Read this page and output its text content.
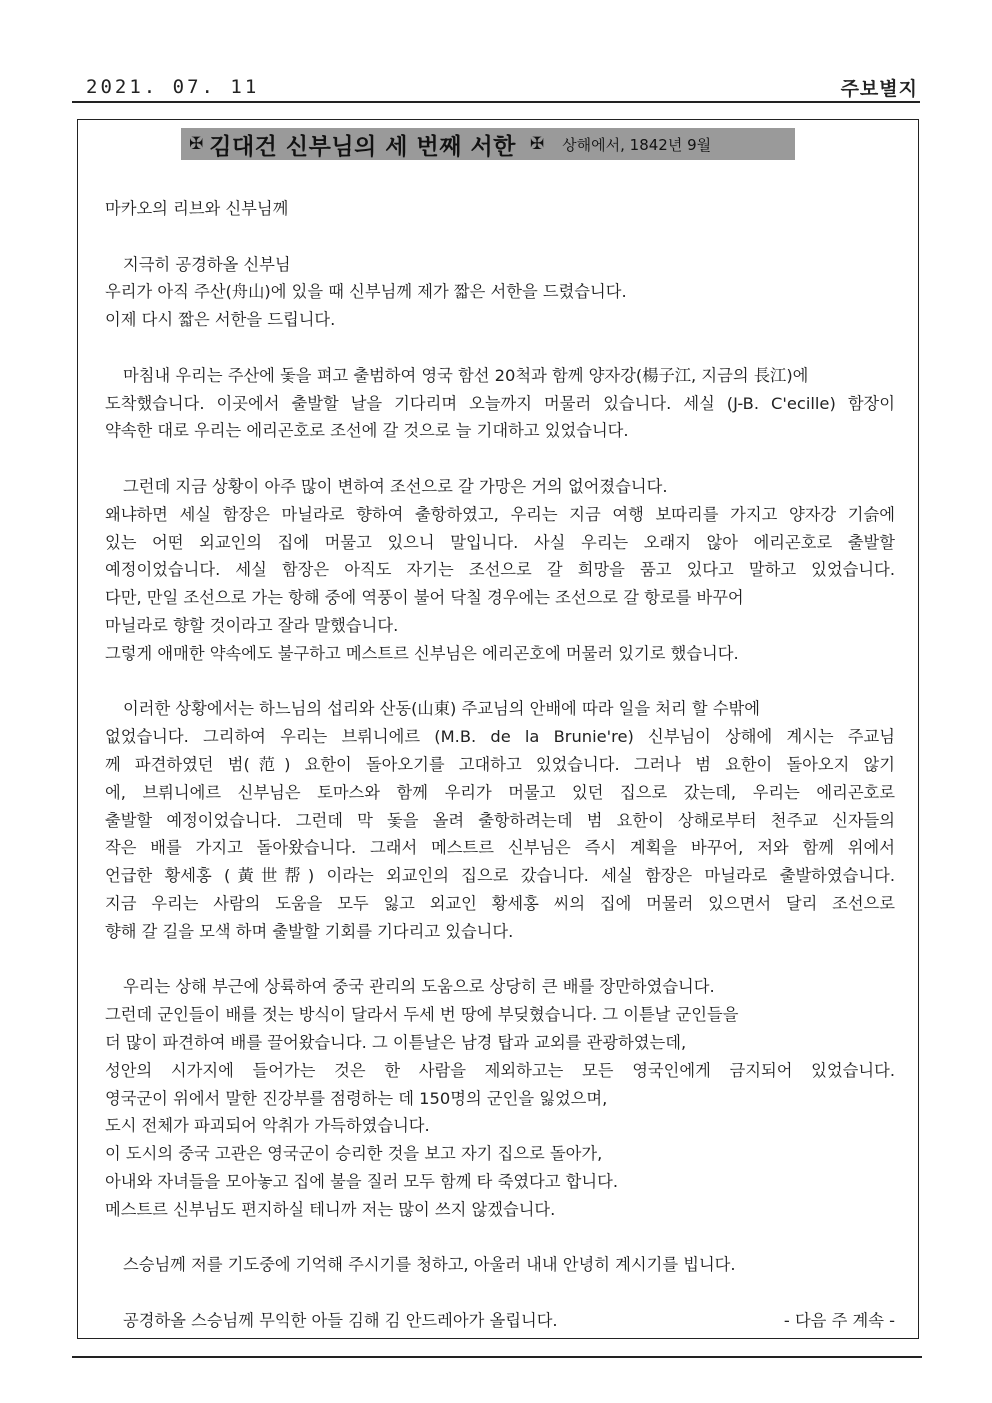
2021. 07. 11	주보별지
✠ 김대건 신부님의 세 번째 서한 ✠ 상해에서, 1842년 9월

마카오의 리브와 신부님께

지극히 공경하올 신부님

우리가 아직 주산(舟山)에 있을 때 신부님께 제가 짧은 서한을 드렸습니다.

이제 다시 짧은 서한을 드립니다.

마침내 우리는 주산에 돛을 펴고 출범하여 영국 함선 20척과 함께 양자강(楊子江, 지금의 長江)에

도착했습니다. 이곳에서 출발할 날을 기다리며 오늘까지 머물러 있습니다. 세실 (J-B. C'ecille) 함장이

약속한 대로 우리는 에리곤호로 조선에 갈 것으로 늘 기대하고 있었습니다.

그런데 지금 상황이 아주 많이 변하여 조선으로 갈 가망은 거의 없어졌습니다.

왜냐하면 세실 함장은 마닐라로 향하여 출항하였고, 우리는 지금 여행 보따리를 가지고 양자강 기슭에

있는 어떤 외교인의 집에 머물고 있으니 말입니다. 사실 우리는 오래지 않아 에리곤호로 출발할

예정이었습니다. 세실 함장은 아직도 자기는 조선으로 갈 희망을 품고 있다고 말하고 있었습니다.

다만, 만일 조선으로 가는 항해 중에 역풍이 불어 닥칠 경우에는 조선으로 갈 항로를 바꾸어

마닐라로 향할 것이라고 잘라 말했습니다.

그렇게 애매한 약속에도 불구하고 메스트르 신부님은 에리곤호에 머물러 있기로 했습니다.

이러한 상황에서는 하느님의 섭리와 산동(山東) 주교님의 안배에 따라 일을 처리 할 수밖에

없었습니다. 그리하여 우리는 브뤼니에르 (M.B. de la Brunie're) 신부님이 상해에 계시는 주교님

께 파견하였던 범(范) 요한이 돌아오기를 고대하고 있었습니다. 그러나 범 요한이 돌아오지 않기

에, 브뤼니에르 신부님은 토마스와 함께 우리가 머물고 있던 집으로 갔는데, 우리는 에리곤호로

출발할 예정이었습니다. 그런데 막 돛을 올려 출항하려는데 범 요한이 상해로부터 천주교 신자들의

작은 배를 가지고 돌아왔습니다. 그래서 메스트르 신부님은 즉시 계획을 바꾸어, 저와 함께 위에서

언급한 황세홍 (黃世帮) 이라는 외교인의 집으로 갔습니다. 세실 함장은 마닐라로 출발하였습니다.

지금 우리는 사람의 도움을 모두 잃고 외교인 황세홍 씨의 집에 머물러 있으면서 달리 조선으로

향해 갈 길을 모색 하며 출발할 기회를 기다리고 있습니다.

우리는 상해 부근에 상륙하여 중국 관리의 도움으로 상당히 큰 배를 장만하였습니다.

그런데 군인들이 배를 젓는 방식이 달라서 두세 번 땅에 부딪혔습니다. 그 이튿날 군인들을

더 많이 파견하여 배를 끌어왔습니다. 그 이튿날은 남경 탑과 교외를 관광하였는데,

성안의 시가지에 들어가는 것은 한 사람을 제외하고는 모든 영국인에게 금지되어 있었습니다.

영국군이 위에서 말한 진강부를 점령하는 데 150명의 군인을 잃었으며,

도시 전체가 파괴되어 악취가 가득하였습니다.

이 도시의 중국 고관은 영국군이 승리한 것을 보고 자기 집으로 돌아가,

아내와 자녀들을 모아놓고 집에 불을 질러 모두 함께 타 죽였다고 합니다.

메스트르 신부님도 편지하실 테니까 저는 많이 쓰지 않겠습니다.

스승님께 저를 기도중에 기억해 주시기를 청하고, 아울러 내내 안녕히 계시기를 빕니다.

공경하올 스승님께 무익한 아들 김해 김 안드레아가 올립니다.	- 다음 주 계속 -
